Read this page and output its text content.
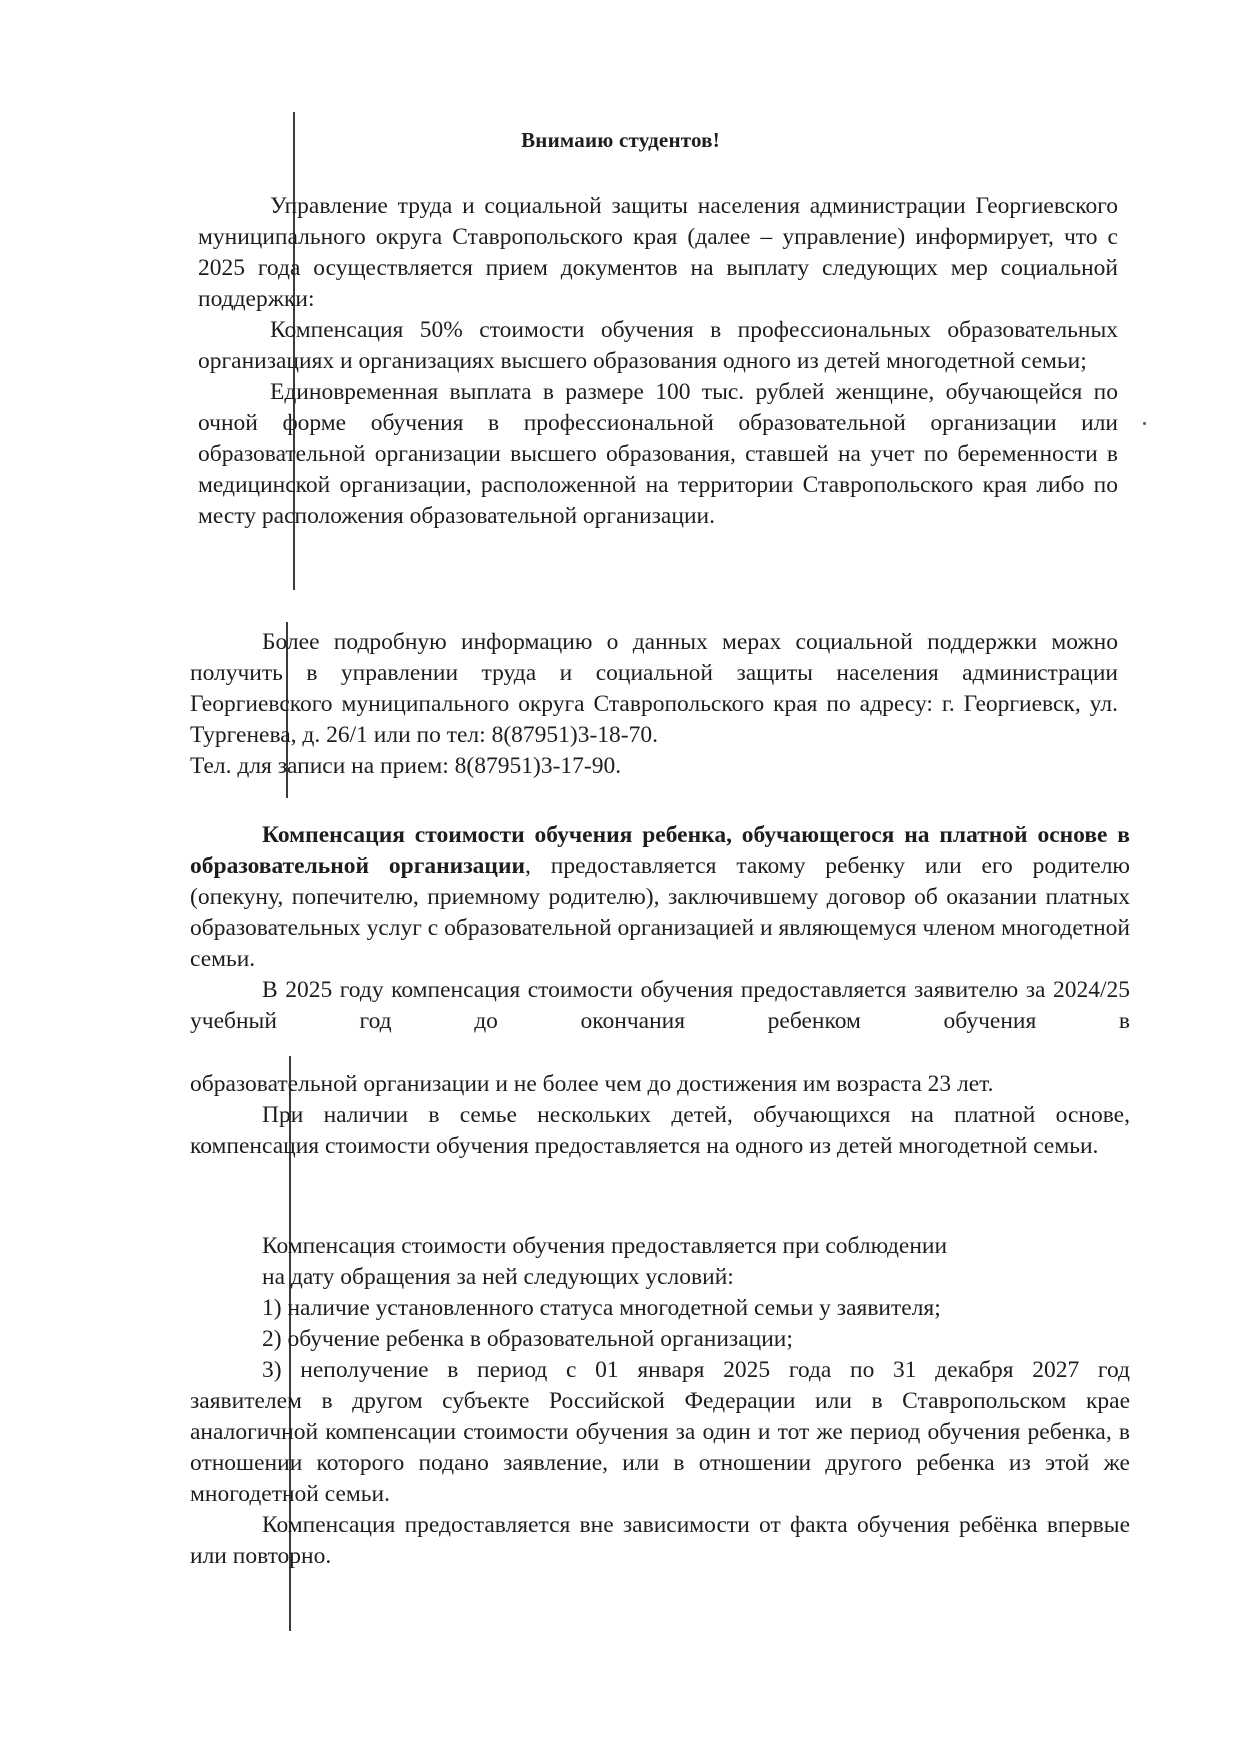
Внимаию студентов!

Управление труда и социальной защиты населения администрации Георгиевского муниципального округа Ставропольского края (далее – управление) информирует, что с 2025 года осуществляется прием документов на выплату следующих мер социальной поддержки:

Компенсация 50% стоимости обучения в профессиональных образовательных организациях и организациях высшего образования одного из детей многодетной семьи;

Единовременная выплата в размере 100 тыс. рублей женщине, обучающейся по очной форме обучения в профессиональной образовательной организации или образовательной организации высшего образования, ставшей на учет по беременности в медицинской организации, расположенной на территории Ставропольского края либо по месту расположения образовательной организации.

Более подробную информацию о данных мерах социальной поддержки можно получить в управлении труда и социальной защиты населения администрации Георгиевского муниципального округа Ставропольского края по адресу: г. Георгиевск, ул. Тургенева, д. 26/1 или по тел: 8(87951)3-18-70.

Тел. для записи на прием: 8(87951)3-17-90.

Компенсация стоимости обучения ребенка, обучающегося на платной основе в образовательной организации, предоставляется такому ребенку или его родителю (опекуну, попечителю, приемному родителю), заключившему договор об оказании платных образовательных услуг с образовательной организацией и являющемуся членом многодетной семьи.

В 2025 году компенсация стоимости обучения предоставляется заявителю за 2024/25 учебный год до окончания ребенком обучения в

образовательной организации и не более чем до достижения им возраста 23 лет.

При наличии в семье нескольких детей, обучающихся на платной основе, компенсация стоимости обучения предоставляется на одного из детей многодетной семьи.

Компенсация стоимости обучения предоставляется при соблюдении

на дату обращения за ней следующих условий:

1) наличие установленного статуса многодетной семьи у заявителя;

2) обучение ребенка в образовательной организации;

3) неполучение в период с 01 января 2025 года по 31 декабря 2027 год

заявителем в другом субъекте Российской Федерации или в Ставропольском крае аналогичной компенсации стоимости обучения за один и тот же период обучения ребенка, в отношении которого подано заявление, или в отношении другого ребенка из этой же многодетной семьи.

Компенсация предоставляется вне зависимости от факта обучения ребёнка впервые или повторно.
